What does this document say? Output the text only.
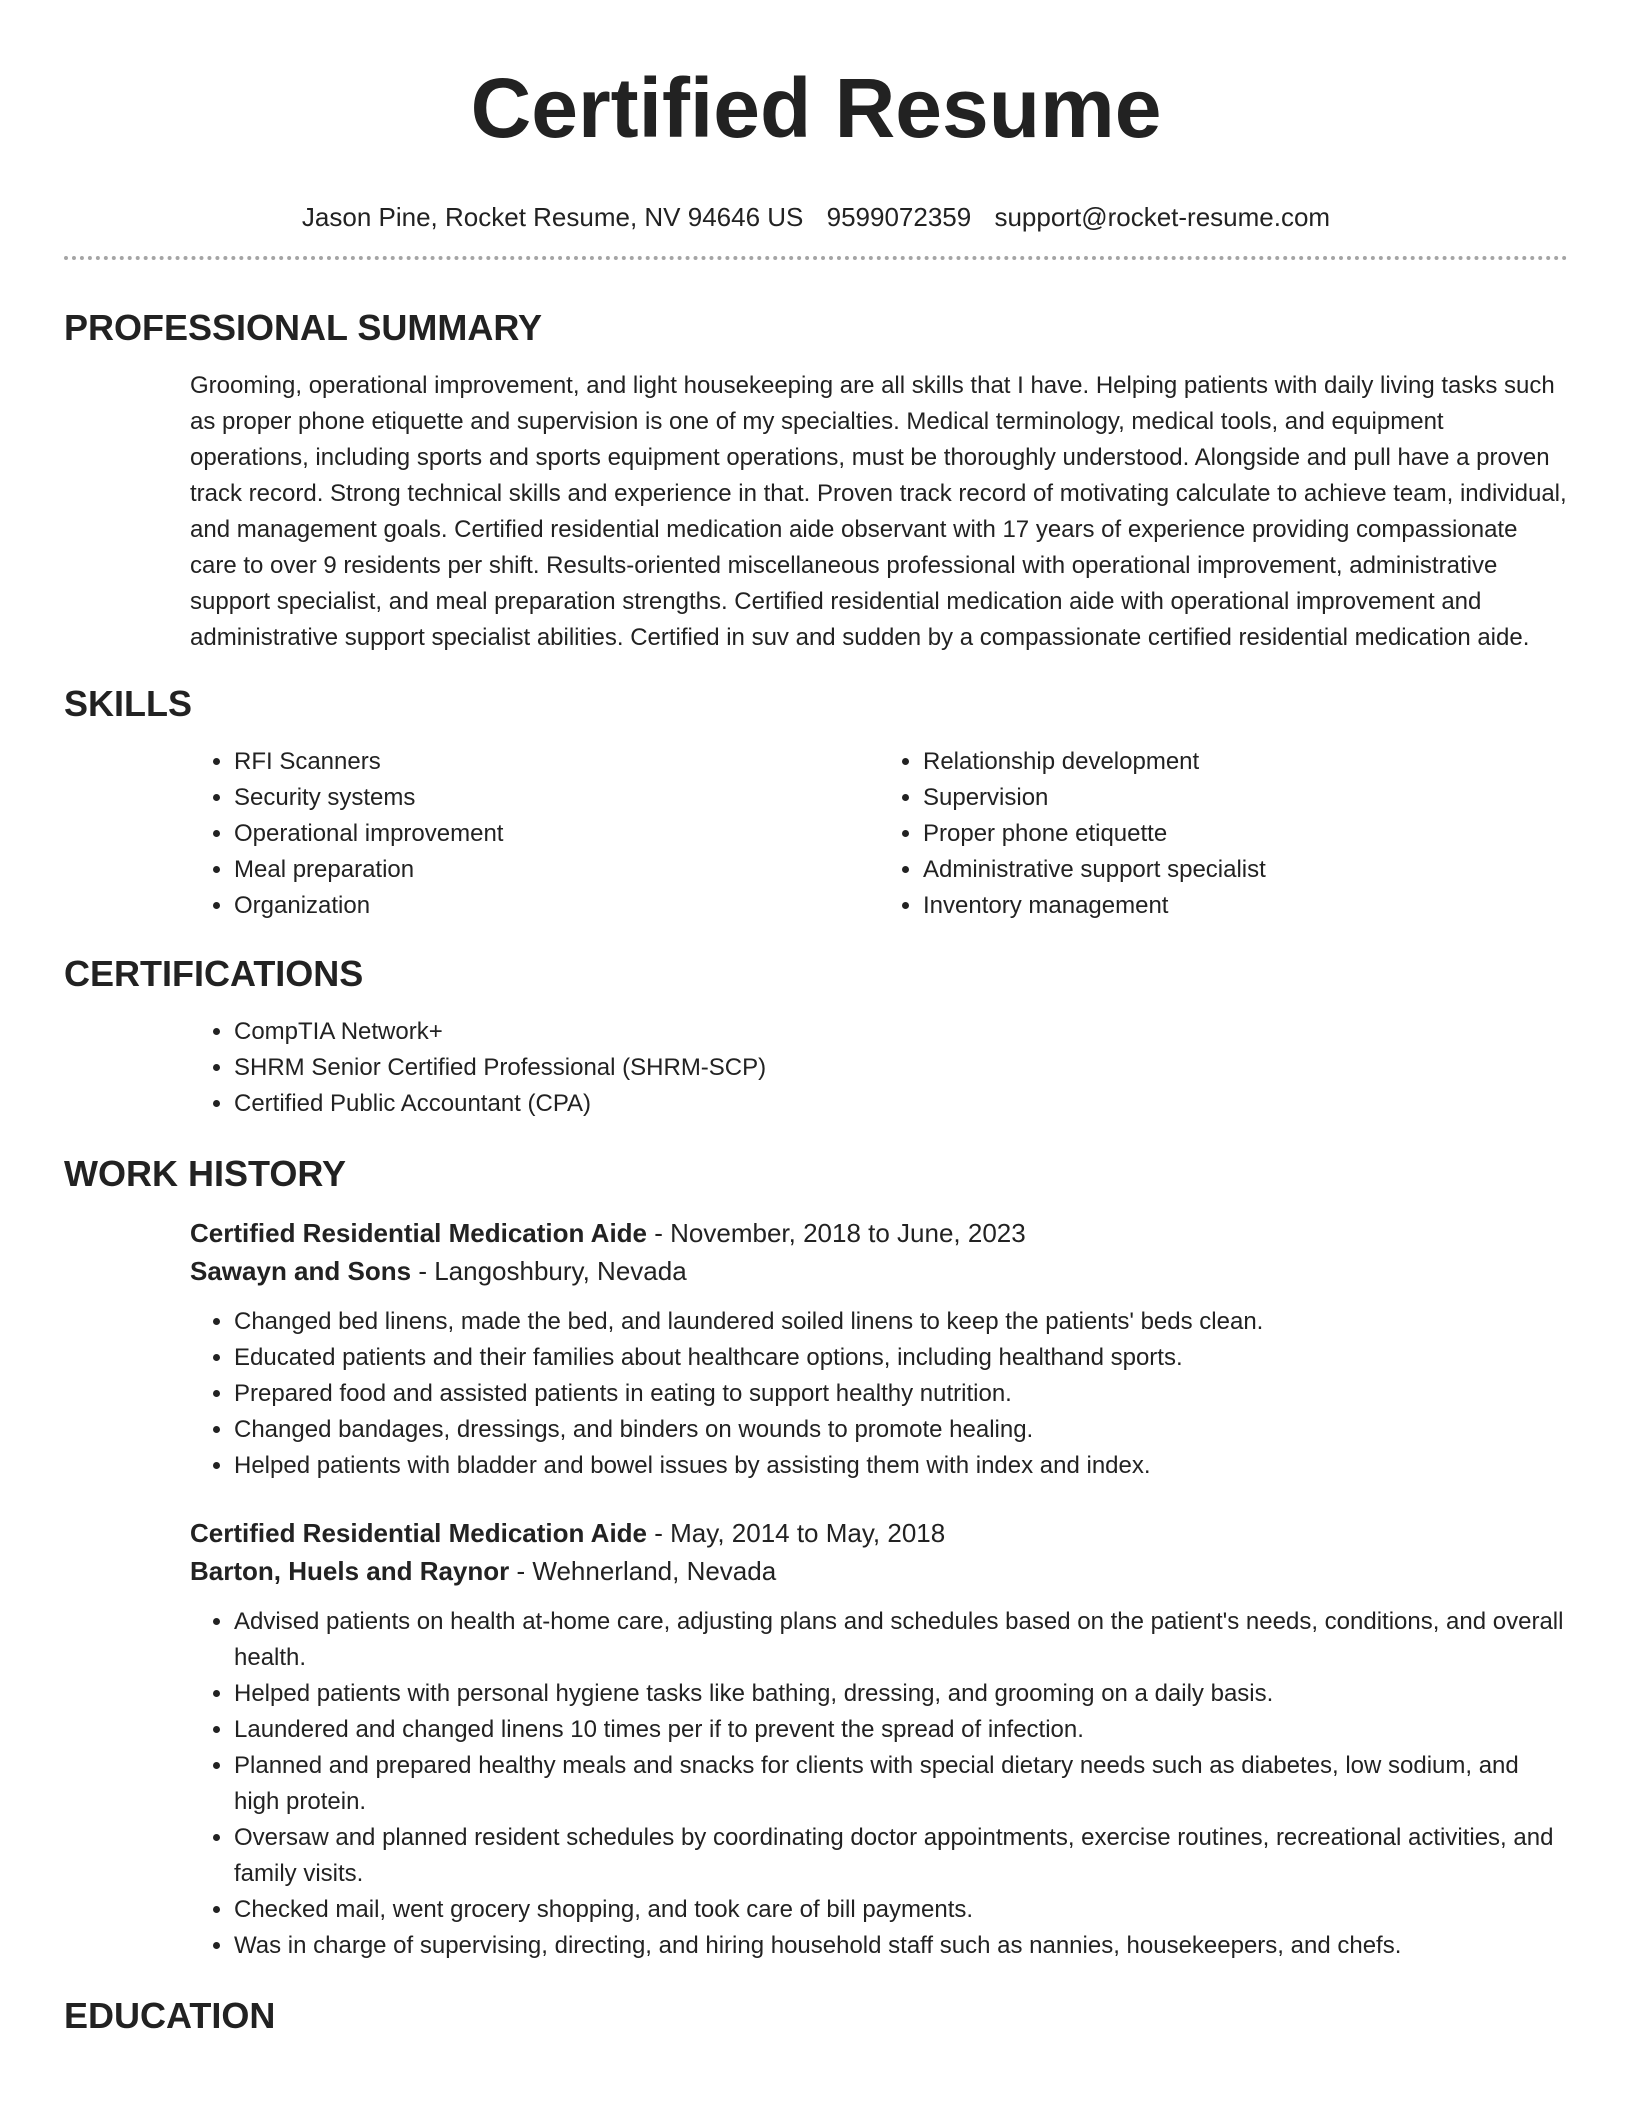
Certified Resume
Jason Pine, Rocket Resume, NV 94646 US 9599072359 support@rocket-resume.com
PROFESSIONAL SUMMARY

Grooming, operational improvement, and light housekeeping are all skills that I have. Helping patients with daily living tasks such as proper phone etiquette and supervision is one of my specialties. Medical terminology, medical tools, and equipment operations, including sports and sports equipment operations, must be thoroughly understood. Alongside and pull have a proven track record. Strong technical skills and experience in that. Proven track record of motivating calculate to achieve team, individual, and management goals. Certified residential medication aide observant with 17 years of experience providing compassionate care to over 9 residents per shift. Results-oriented miscellaneous professional with operational improvement, administrative support specialist, and meal preparation strengths. Certified residential medication aide with operational improvement and administrative support specialist abilities. Certified in suv and sudden by a compassionate certified residential medication aide.

SKILLS
• RFI Scanners
• Security systems
• Operational improvement
• Meal preparation
• Organization
• Relationship development
• Supervision
• Proper phone etiquette
• Administrative support specialist
• Inventory management
CERTIFICATIONS
• CompTIA Network+
• SHRM Senior Certified Professional (SHRM-SCP)
• Certified Public Accountant (CPA)
WORK HISTORY
Certified Residential Medication Aide - November, 2018 to June, 2023
Sawayn and Sons - Langoshbury, Nevada
• Changed bed linens, made the bed, and laundered soiled linens to keep the patients' beds clean.
• Educated patients and their families about healthcare options, including healthand sports.
• Prepared food and assisted patients in eating to support healthy nutrition.
• Changed bandages, dressings, and binders on wounds to promote healing.
• Helped patients with bladder and bowel issues by assisting them with index and index.
Certified Residential Medication Aide - May, 2014 to May, 2018
Barton, Huels and Raynor - Wehnerland, Nevada
• Advised patients on health at-home care, adjusting plans and schedules based on the patient's needs, conditions, and overall health.
• Helped patients with personal hygiene tasks like bathing, dressing, and grooming on a daily basis.
• Laundered and changed linens 10 times per if to prevent the spread of infection.
• Planned and prepared healthy meals and snacks for clients with special dietary needs such as diabetes, low sodium, and high protein.
• Oversaw and planned resident schedules by coordinating doctor appointments, exercise routines, recreational activities, and family visits.
• Checked mail, went grocery shopping, and took care of bill payments.
• Was in charge of supervising, directing, and hiring household staff such as nannies, housekeepers, and chefs.
EDUCATION
